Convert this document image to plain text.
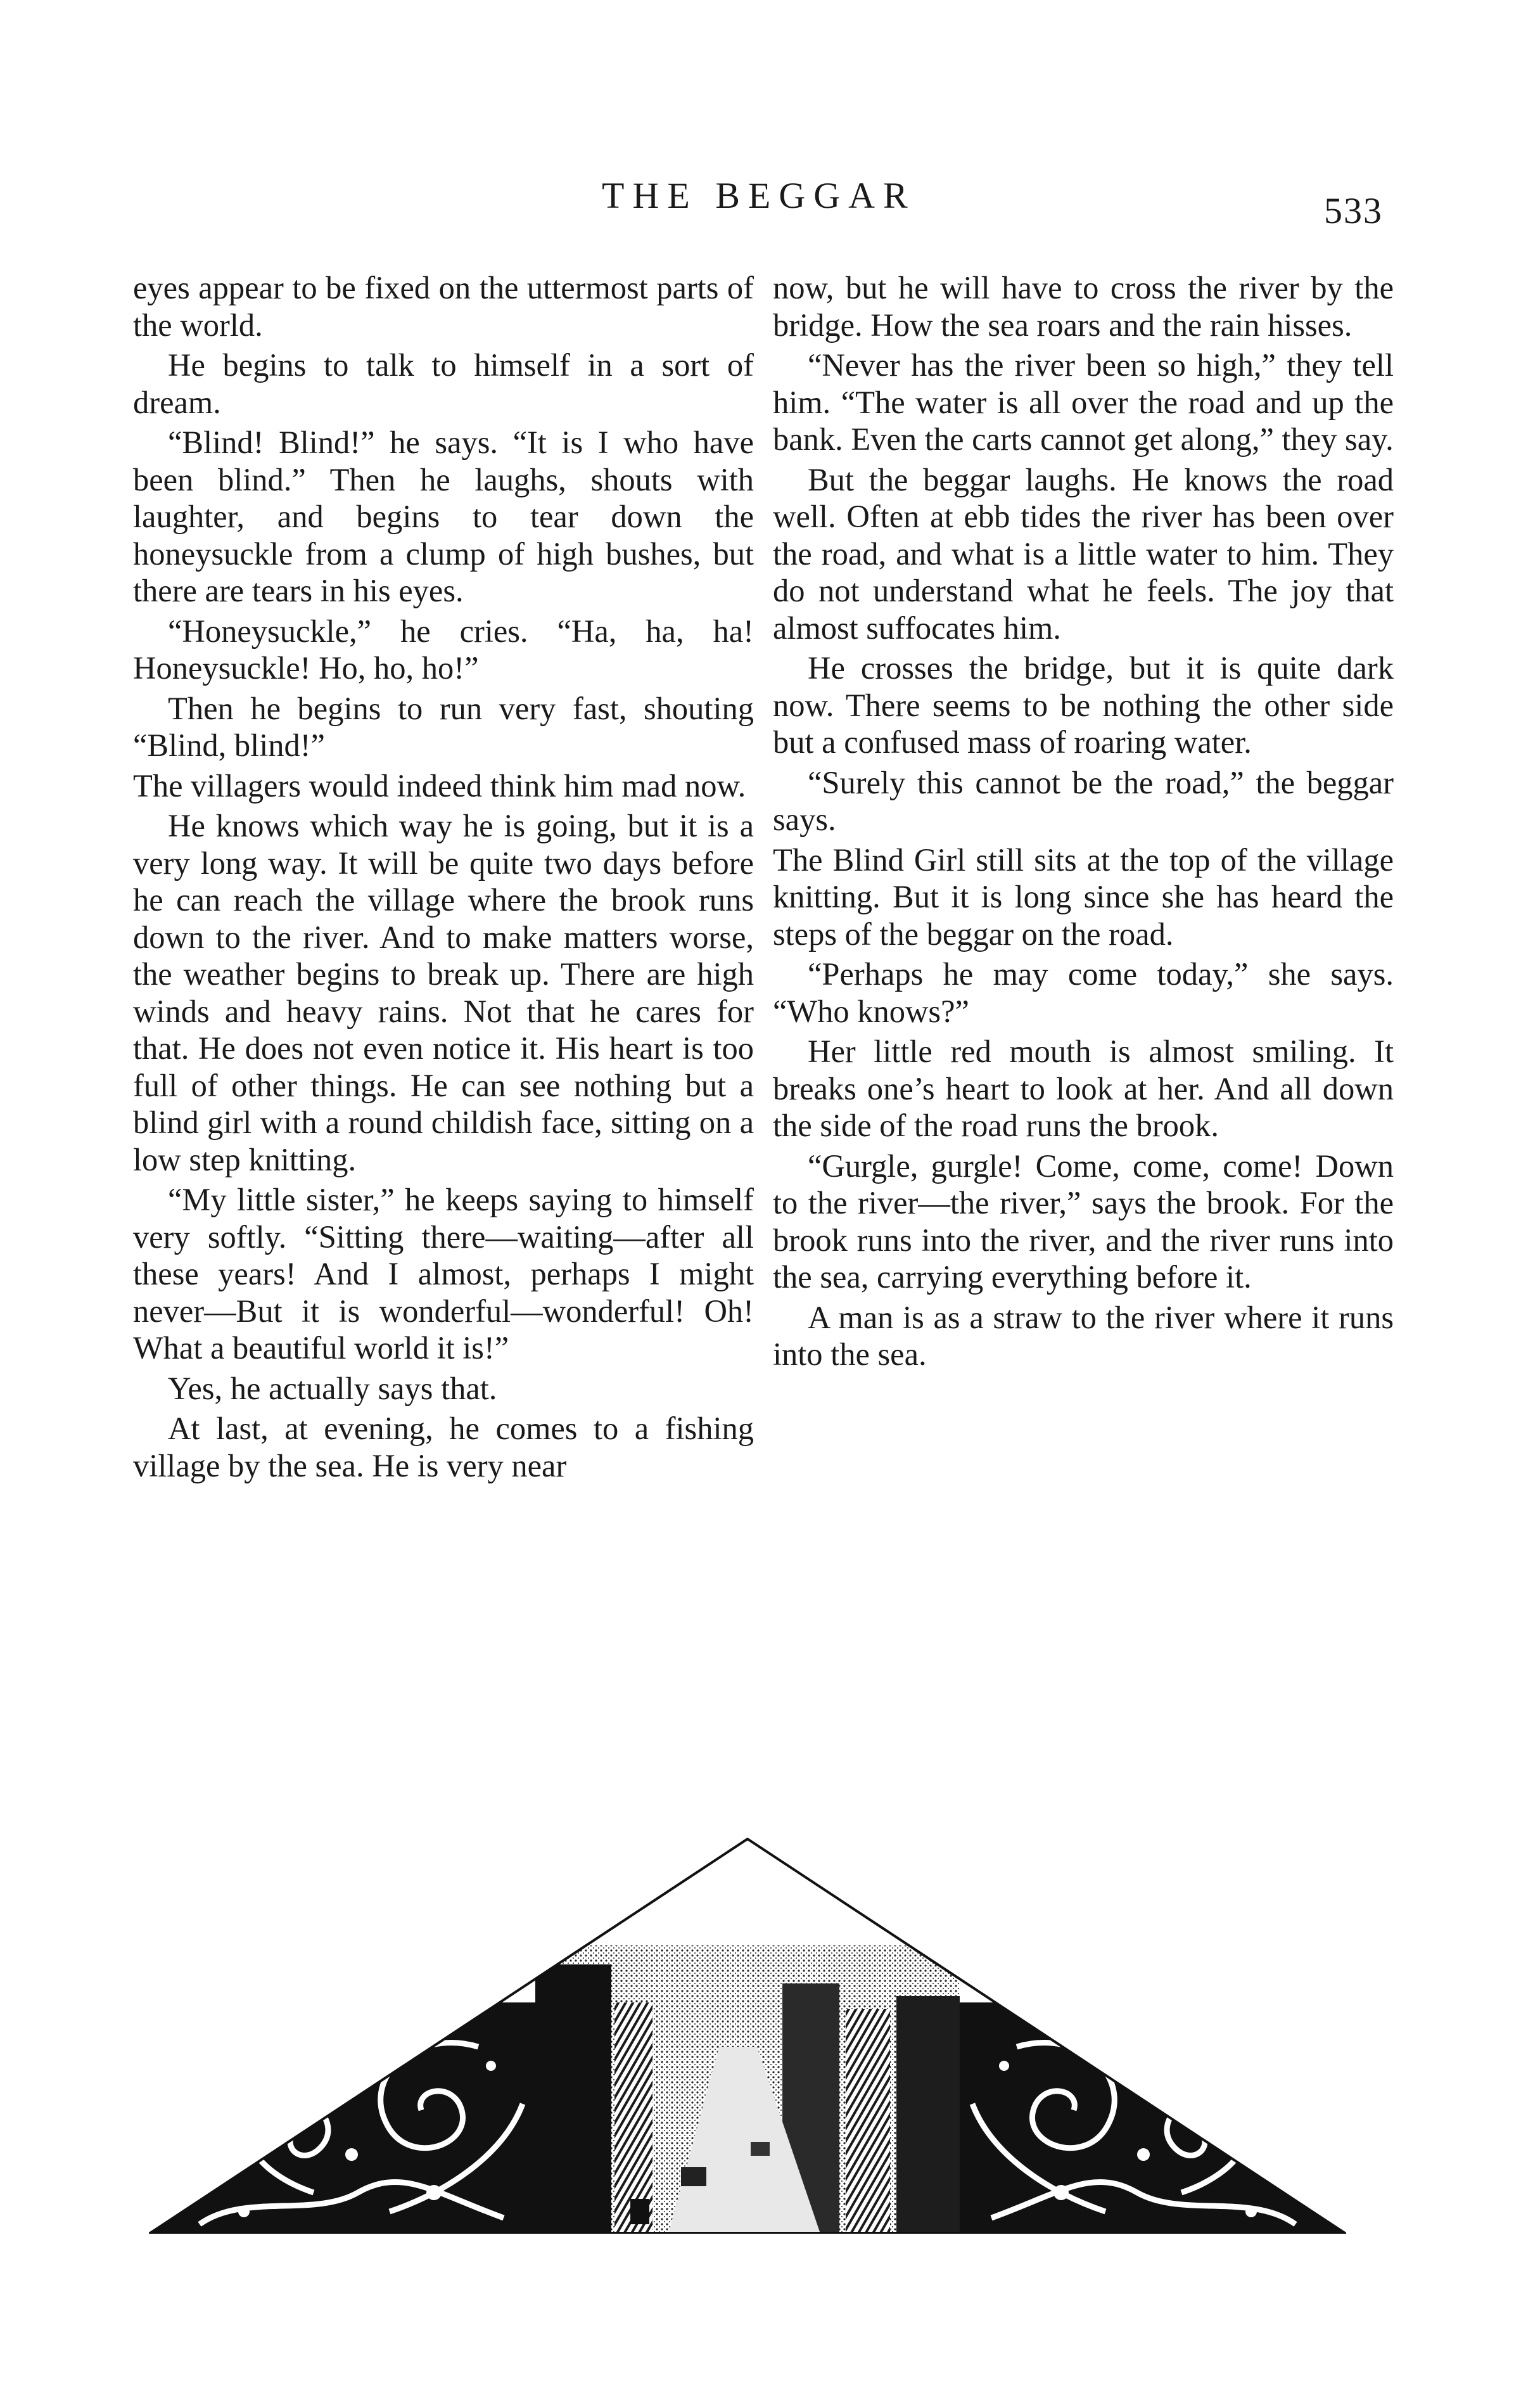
THE BEGGAR	533

eyes appear to be fixed on the uttermost parts of the world.

He begins to talk to himself in a sort of dream.

“Blind! Blind!” he says. “It is I who have been blind.” Then he laughs, shouts with laughter, and begins to tear down the honeysuckle from a clump of high bushes, but there are tears in his eyes.

“Honeysuckle,” he cries. “Ha, ha, ha! Honeysuckle! Ho, ho, ho!”

Then he begins to run very fast, shouting “Blind, blind!”

The villagers would indeed think him mad now.

He knows which way he is going, but it is a very long way. It will be quite two days before he can reach the village where the brook runs down to the river. And to make matters worse, the weather begins to break up. There are high winds and heavy rains. Not that he cares for that. He does not even notice it. His heart is too full of other things. He can see nothing but a blind girl with a round childish face, sitting on a low step knitting.

“My little sister,” he keeps saying to himself very softly. “Sitting there—waiting—after all these years! And I almost, perhaps I might never—But it is wonderful—wonderful! Oh! What a beautiful world it is!”

Yes, he actually says that.

At last, at evening, he comes to a fishing village by the sea. He is very near

now, but he will have to cross the river by the bridge. How the sea roars and the rain hisses.

“Never has the river been so high,” they tell him. “The water is all over the road and up the bank. Even the carts cannot get along,” they say.

But the beggar laughs. He knows the road well. Often at ebb tides the river has been over the road, and what is a little water to him. They do not understand what he feels. The joy that almost suffocates him.

He crosses the bridge, but it is quite dark now. There seems to be nothing the other side but a confused mass of roaring water.

“Surely this cannot be the road,” the beggar says.

The Blind Girl still sits at the top of the village knitting. But it is long since she has heard the steps of the beggar on the road.

“Perhaps he may come today,” she says. “Who knows?”

Her little red mouth is almost smiling. It breaks one’s heart to look at her. And all down the side of the road runs the brook.

“Gurgle, gurgle! Come, come, come! Down to the river—the river,” says the brook. For the brook runs into the river, and the river runs into the sea, carrying everything before it.

A man is as a straw to the river where it runs into the sea.
